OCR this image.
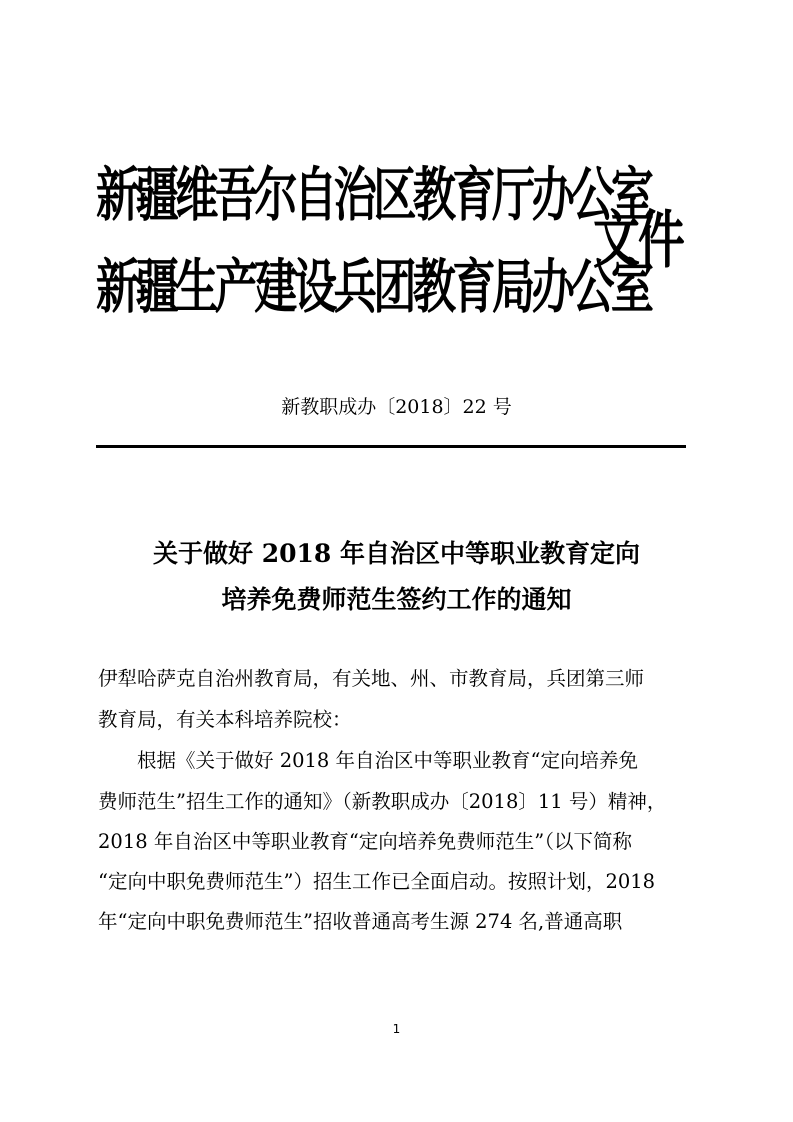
新疆维吾尔自治区教育厅办公室
新疆生产建设兵团教育局办公室
文件
新教职成办〔2018〕22 号
关于做好 2018 年自治区中等职业教育定向
培养免费师范生签约工作的通知
伊犁哈萨克自治州教育局，有关地、州、市教育局，兵团第三师
教育局，有关本科培养院校：
　　根据《关于做好 2018 年自治区中等职业教育“定向培养免
费师范生”招生工作的通知》（新教职成办〔2018〕11 号）精神，
2018 年自治区中等职业教育“定向培养免费师范生”（以下简称
“定向中职免费师范生”）招生工作已全面启动。按照计划，2018
年“定向中职免费师范生”招收普通高考生源 274 名,普通高职
1
